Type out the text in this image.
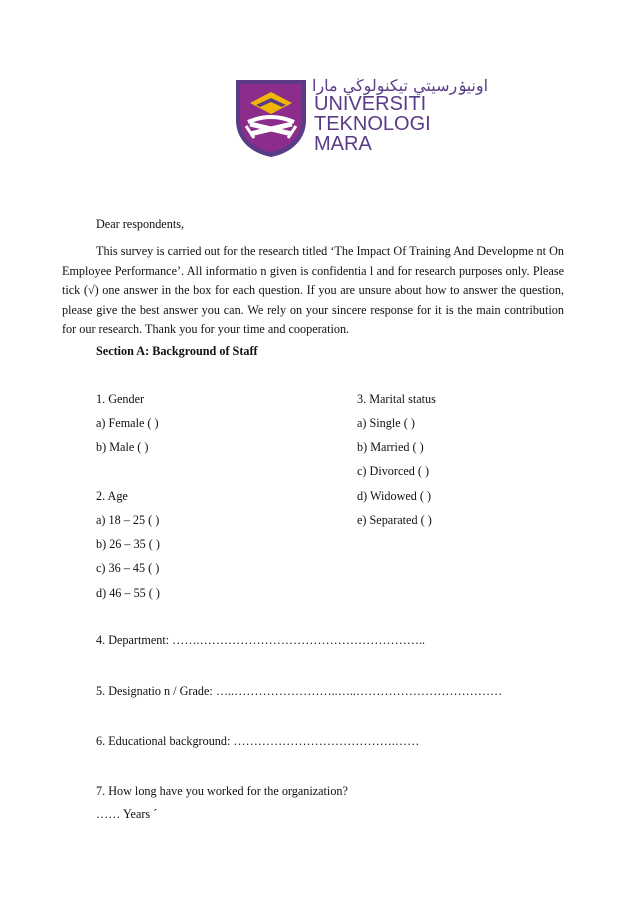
اونيۏرسيتي تيكنولوڬي مارا
UNIVERSITI
TEKNOLOGI
MARA
Dear respondents,
This survey is carried out for the research titled ‘The Impact Of Training And Developme nt On Employee Performance’. All informatio n given is confidentia l and for research purposes only. Please tick (√) one answer in the box for each question. If you are unsure about how to answer the question, please give the best answer you can. We rely on your sincere response for it is the main contribution for our research. Thank you for your time and cooperation.
Section A: Background of Staff
1. Gender
a) Female ( )
b) Male ( )
3. Marital status
a) Single ( )
b) Married ( )
c) Divorced ( )
d) Widowed ( )
e) Separated ( )
2. Age
a) 18 – 25 ( )
b) 26 – 35 ( )
c) 36 – 45 ( )
d) 46 – 55 ( )
4. Department: …….………………………………………………..
5. Designatio n / Grade: …..……………………..…..………………………………
6. Educational background: ………………………………….……
7. How long have you worked for the organization?
…… Years ´
